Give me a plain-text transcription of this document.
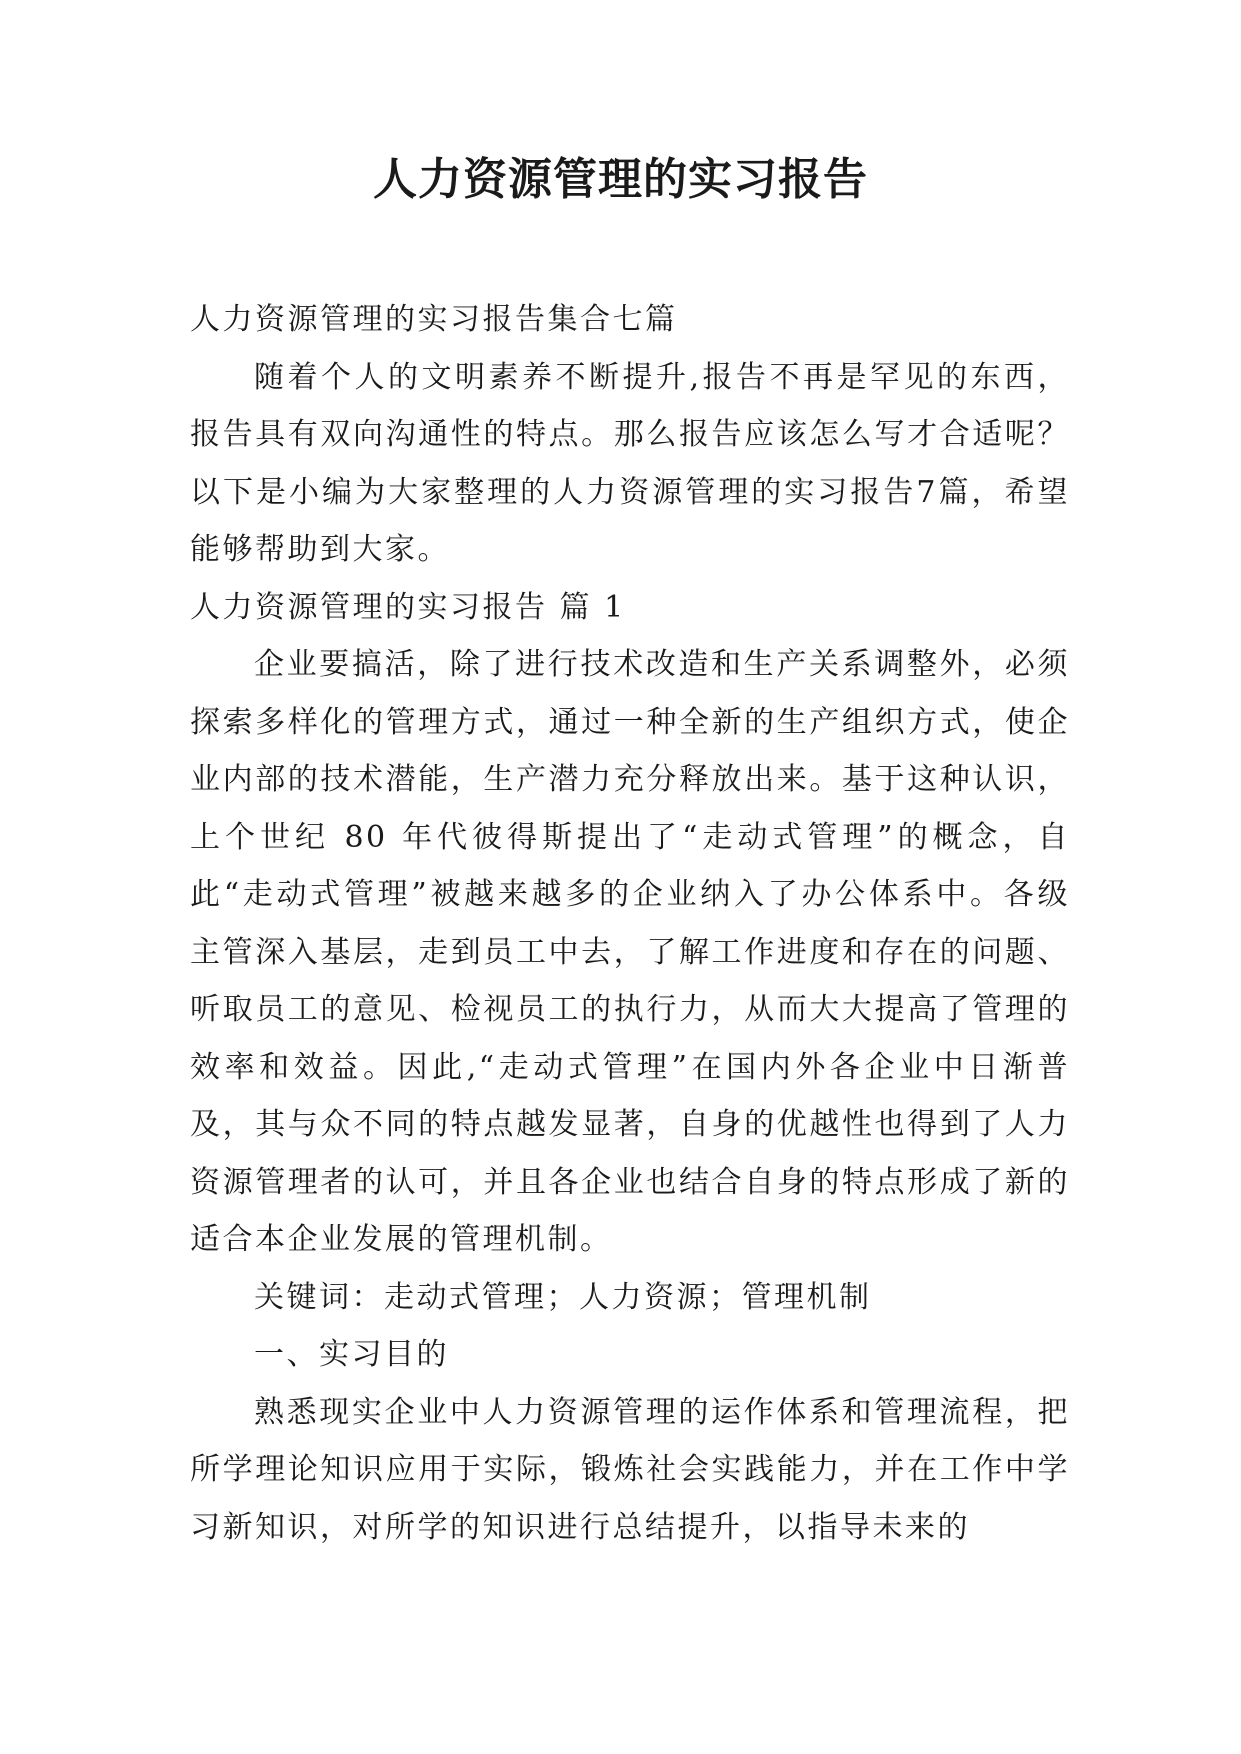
人力资源管理的实习报告

人力资源管理的实习报告集合七篇

随着个人的文明素养不断提升,报告不再是罕见的东西，报告具有双向沟通性的特点。那么报告应该怎么写才合适呢？以下是小编为大家整理的人力资源管理的实习报告7篇，希望能够帮助到大家。

人力资源管理的实习报告 篇 1

企业要搞活，除了进行技术改造和生产关系调整外，必须探索多样化的管理方式，通过一种全新的生产组织方式，使企业内部的技术潜能，生产潜力充分释放出来。基于这种认识，上个世纪 80 年代彼得斯提出了“走动式管理”的概念，自此“走动式管理”被越来越多的企业纳入了办公体系中。各级主管深入基层，走到员工中去，了解工作进度和存在的问题、听取员工的意见、检视员工的执行力，从而大大提高了管理的效率和效益。因此,“走动式管理”在国内外各企业中日渐普及，其与众不同的特点越发显著，自身的优越性也得到了人力资源管理者的认可，并且各企业也结合自身的特点形成了新的适合本企业发展的管理机制。

关键词：走动式管理；人力资源；管理机制

一、实习目的

熟悉现实企业中人力资源管理的运作体系和管理流程，把所学理论知识应用于实际，锻炼社会实践能力，并在工作中学习新知识，对所学的知识进行总结提升，以指导未来的
